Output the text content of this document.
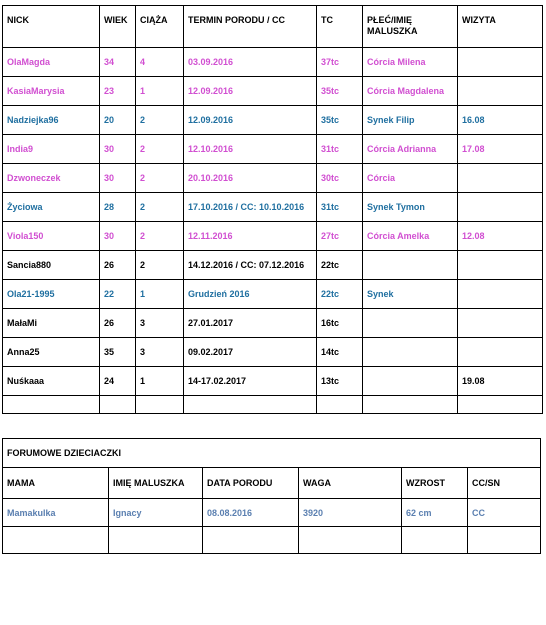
NICK	WIEK	CIĄŻA	TERMIN PORODU / CC	TC	PŁEĆ/IMIĘ MALUSZKA	WIZYTA
OlaMagda	34	4	03.09.2016	37tc	Córcia Milena	
KasiaMarysia	23	1	12.09.2016	35tc	Córcia Magdalena	
Nadziejka96	20	2	12.09.2016	35tc	Synek Filip	16.08
India9	30	2	12.10.2016	31tc	Córcia Adrianna	17.08
Dzwoneczek	30	2	20.10.2016	30tc	Córcia	
Życiowa	28	2	17.10.2016 / CC: 10.10.2016	31tc	Synek Tymon	
Viola150	30	2	12.11.2016	27tc	Córcia Amelka	12.08
Sancia880	26	2	14.12.2016 / CC: 07.12.2016	22tc		
Ola21-1995	22	1	Grudzień 2016	22tc	Synek	
MałaMi	26	3	27.01.2017	16tc		
Anna25	35	3	09.02.2017	14tc		
Nuśkaaa	24	1	14-17.02.2017	13tc		19.08

FORUMOWE DZIECIACZKI					
MAMA	IMIĘ MALUSZKA	DATA PORODU	WAGA	WZROST	CC/SN
Mamakulka	Ignacy	08.08.2016	3920	62 cm	CC
